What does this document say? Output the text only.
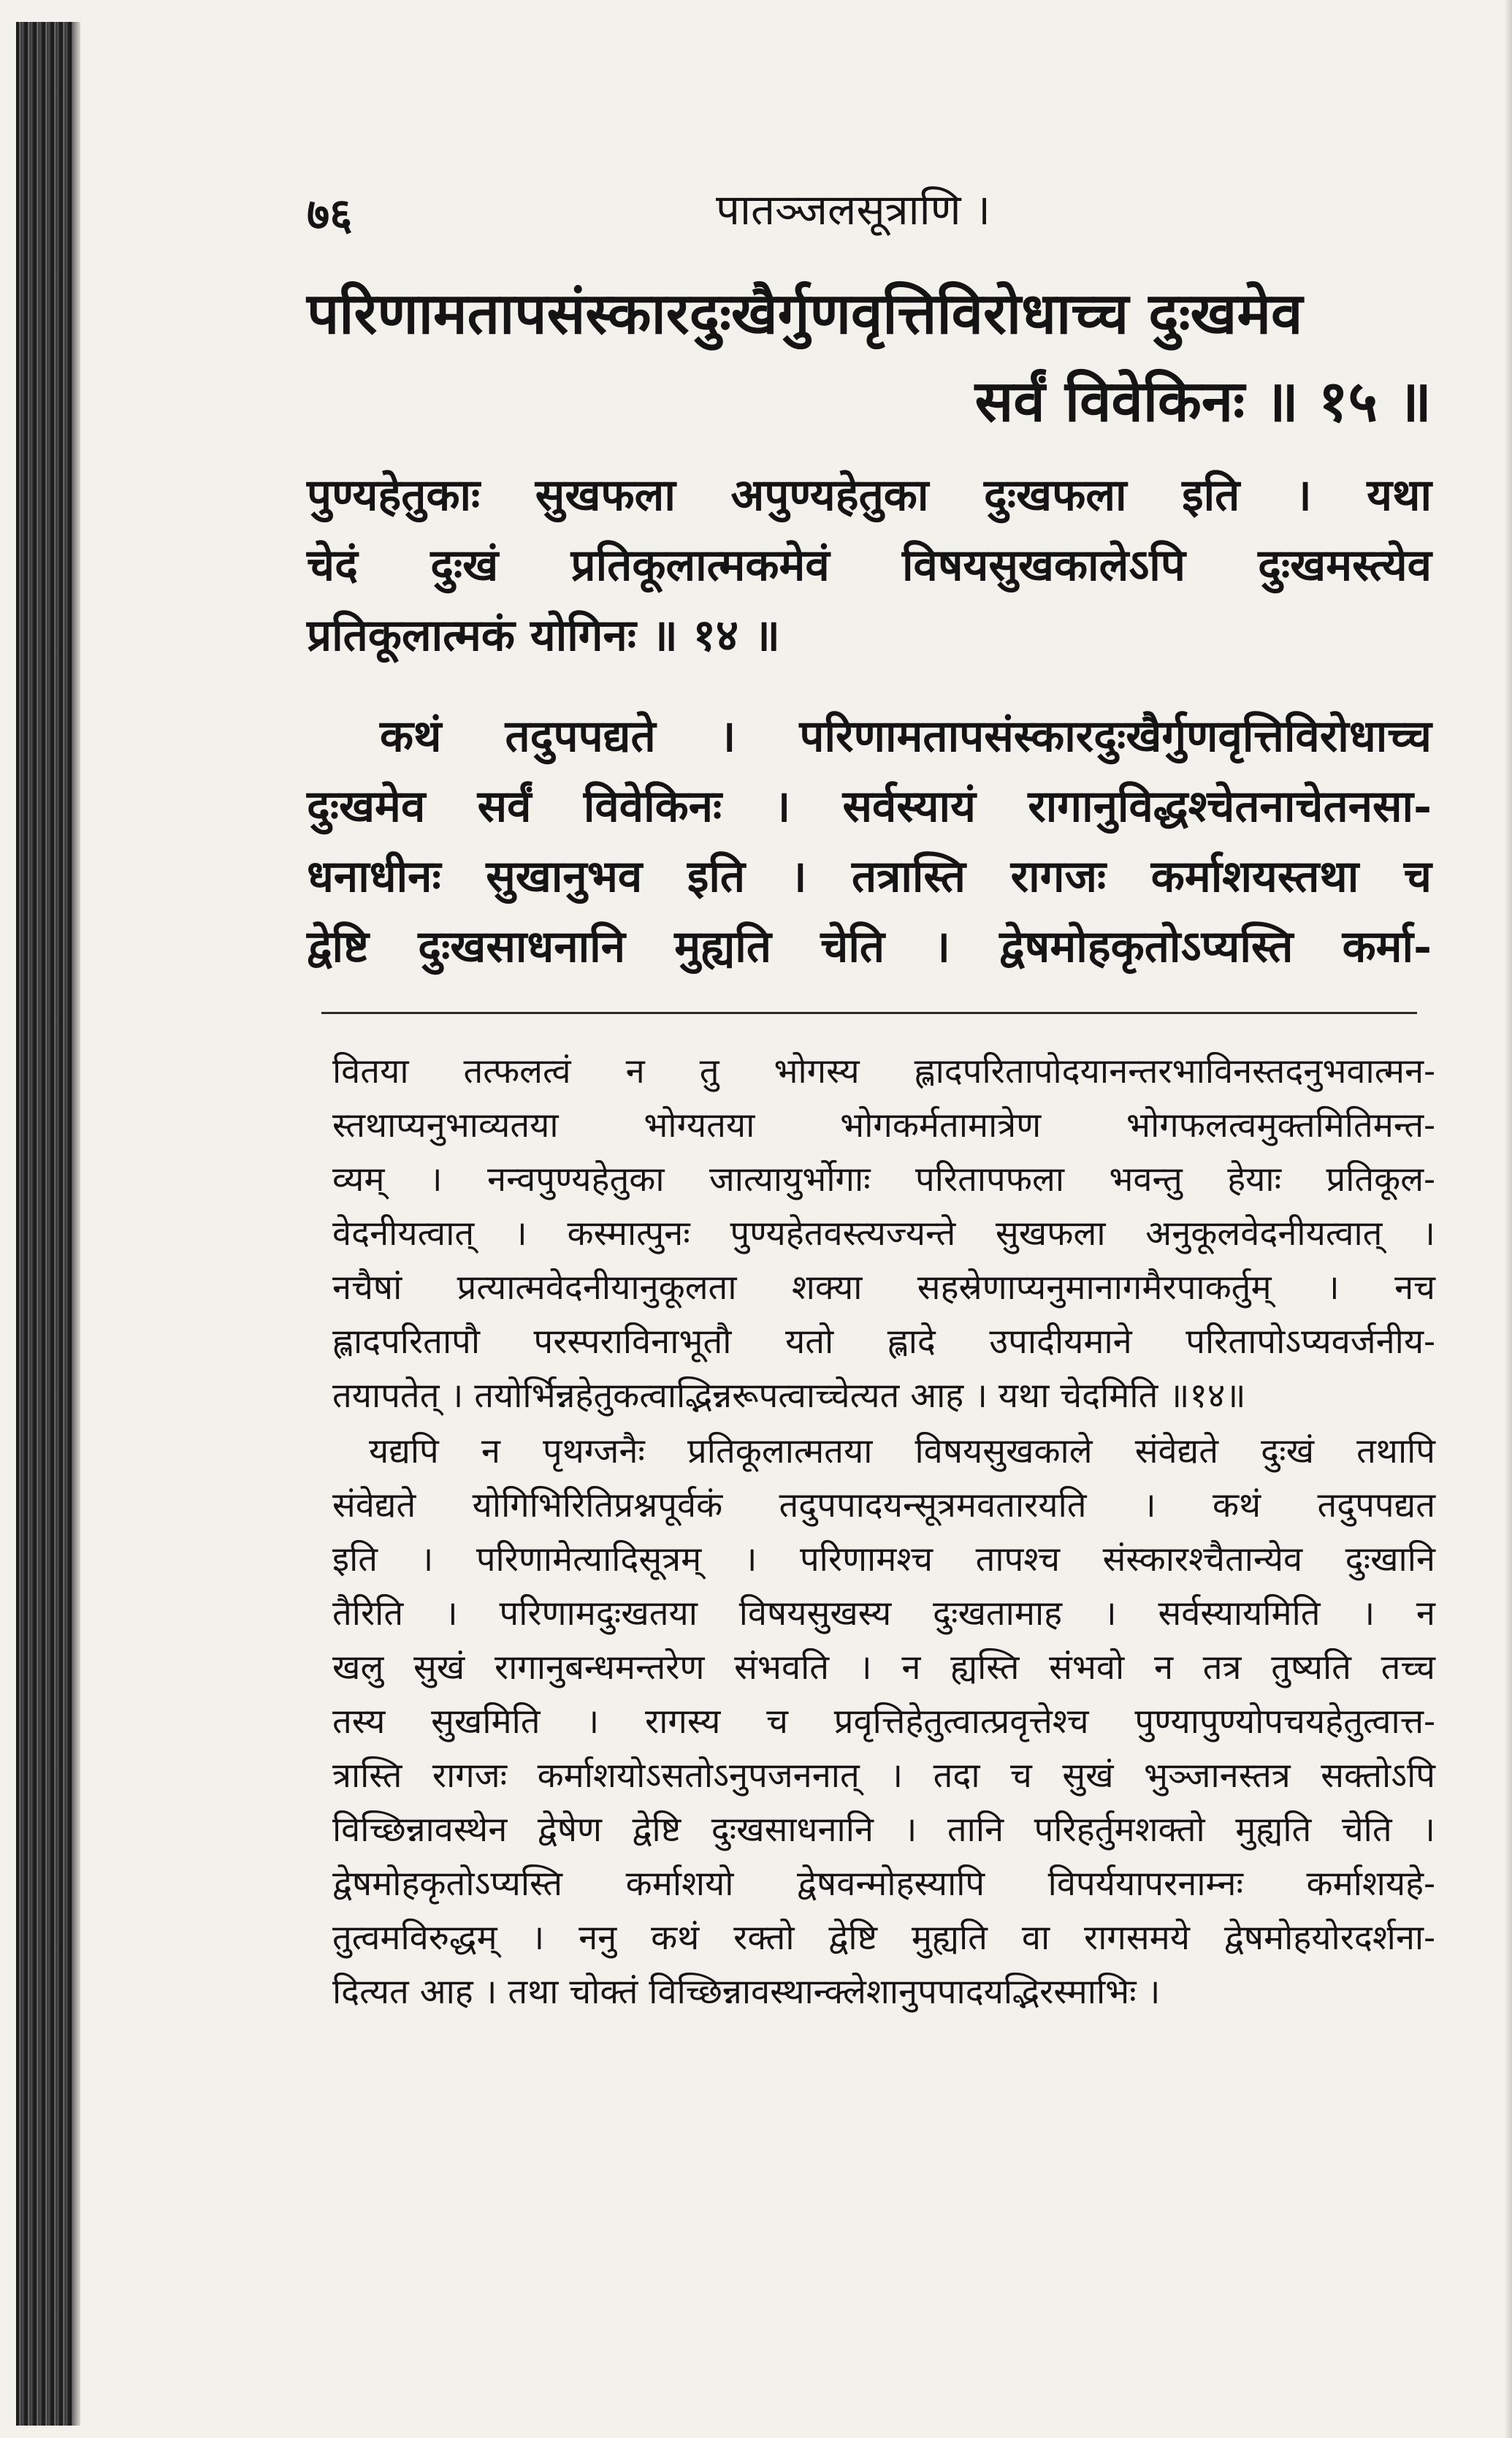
७६	पातञ्जलसूत्राणि ।
परिणामतापसंस्कारदुःखैर्गुणवृत्तिविरोधाच्च दुःखमेव
सर्वं विवेकिनः ॥ १५ ॥
पुण्यहेतुकाः सुखफला अपुण्यहेतुका दुःखफला इति । यथा
चेदं दुःखं प्रतिकूलात्मकमेवं विषयसुखकालेऽपि दुःखमस्त्येव
प्रतिकूलात्मकं योगिनः ॥ १४ ॥
कथं तदुपपद्यते । परिणामतापसंस्कारदुःखैर्गुणवृत्तिविरोधाच्च
दुःखमेव सर्वं विवेकिनः । सर्वस्यायं रागानुविद्धश्चेतनाचेतनसा-
धनाधीनः सुखानुभव इति । तत्रास्ति रागजः कर्माशयस्तथा च
द्वेष्टि दुःखसाधनानि मुह्यति चेति । द्वेषमोहकृतोऽप्यस्ति कर्मा-
वितया तत्फलत्वं न तु भोगस्य ह्लादपरितापोदयानन्तरभाविनस्तदनुभवात्मन-
स्तथाप्यनुभाव्यतया भोग्यतया भोगकर्मतामात्रेण भोगफलत्वमुक्तमितिमन्त-
व्यम् । नन्वपुण्यहेतुका जात्यायुर्भोगाः परितापफला भवन्तु हेयाः प्रतिकूल-
वेदनीयत्वात् । कस्मात्पुनः पुण्यहेतवस्त्यज्यन्ते सुखफला अनुकूलवेदनीयत्वात् ।
नचैषां प्रत्यात्मवेदनीयानुकूलता शक्या सहस्रेणाप्यनुमानागमैरपाकर्तुम् । नच
ह्लादपरितापौ परस्पराविनाभूतौ यतो ह्लादे उपादीयमाने परितापोऽप्यवर्जनीय-
तयापतेत् । तयोर्भिन्नहेतुकत्वाद्भिन्नरूपत्वाच्चेत्यत आह । यथा चेदमिति ॥१४॥
यद्यपि न पृथग्जनैः प्रतिकूलात्मतया विषयसुखकाले संवेद्यते दुःखं तथापि
संवेद्यते योगिभिरितिप्रश्नपूर्वकं तदुपपादयन्सूत्रमवतारयति । कथं तदुपपद्यत
इति । परिणामेत्यादिसूत्रम् । परिणामश्च तापश्च संस्कारश्चैतान्येव दुःखानि
तैरिति । परिणामदुःखतया विषयसुखस्य दुःखतामाह । सर्वस्यायमिति । न
खलु सुखं रागानुबन्धमन्तरेण संभवति । न ह्यस्ति संभवो न तत्र तुष्यति तच्च
तस्य सुखमिति । रागस्य च प्रवृत्तिहेतुत्वात्प्रवृत्तेश्च पुण्यापुण्योपचयहेतुत्वात्त-
त्रास्ति रागजः कर्माशयोऽसतोऽनुपजननात् । तदा च सुखं भुञ्जानस्तत्र सक्तोऽपि
विच्छिन्नावस्थेन द्वेषेण द्वेष्टि दुःखसाधनानि । तानि परिहर्तुमशक्तो मुह्यति चेति ।
द्वेषमोहकृतोऽप्यस्ति कर्माशयो द्वेषवन्मोहस्यापि विपर्ययापरनाम्नः कर्माशयहे-
तुत्वमविरुद्धम् । ननु कथं रक्तो द्वेष्टि मुह्यति वा रागसमये द्वेषमोहयोरदर्शना-
दित्यत आह । तथा चोक्तं विच्छिन्नावस्थान्क्लेशानुपपादयद्भिरस्माभिः ।
